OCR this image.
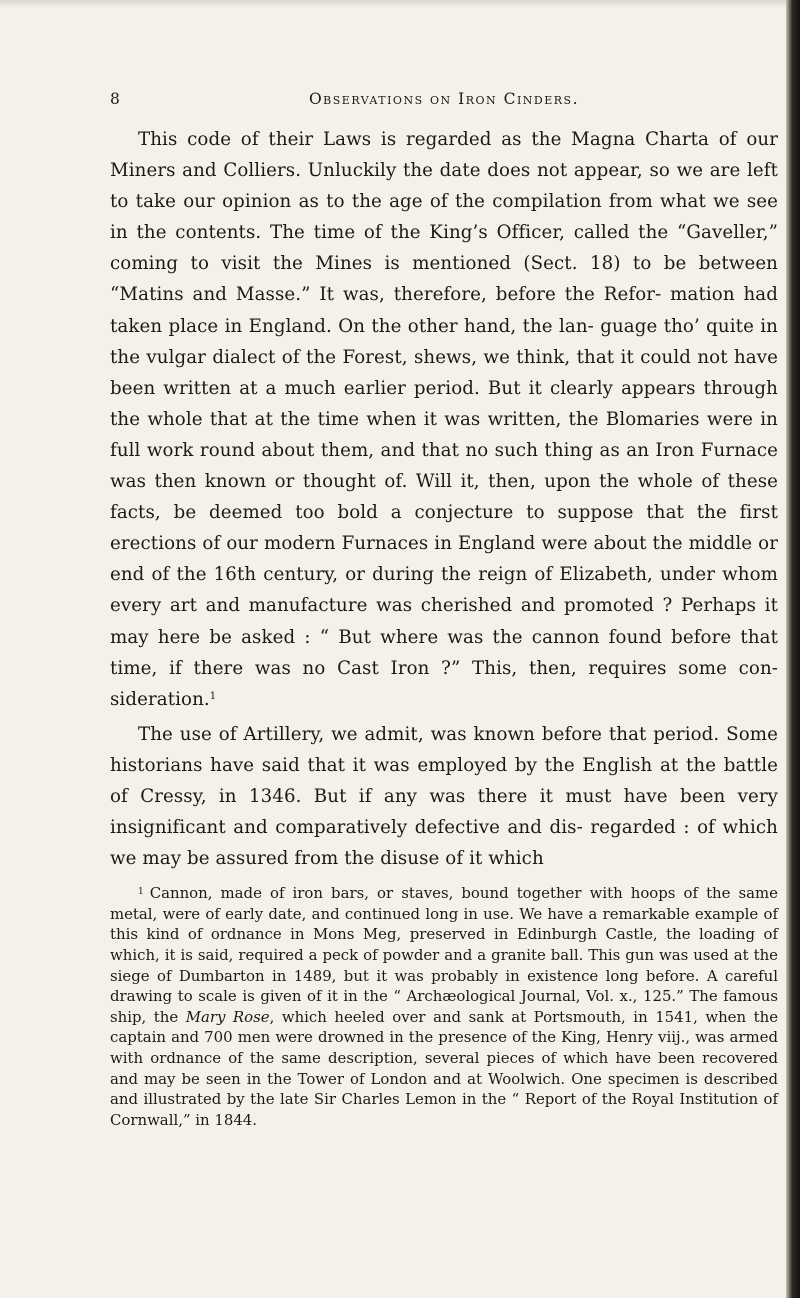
8	Observations on Iron Cinders.

This code of their Laws is regarded as the Magna Charta of our Miners and Colliers. Unluckily the date does not appear, so we are left to take our opinion as to the age of the compilation from what we see in the contents. The time of the King’s Officer, called the “Gaveller,” coming to visit the Mines is mentioned (Sect. 18) to be between “Matins and Masse.” It was, therefore, before the Refor- mation had taken place in England. On the other hand, the lan- guage tho’ quite in the vulgar dialect of the Forest, shews, we think, that it could not have been written at a much earlier period. But it clearly appears through the whole that at the time when it was written, the Blomaries were in full work round about them, and that no such thing as an Iron Furnace was then known or thought of. Will it, then, upon the whole of these facts, be deemed too bold a conjecture to suppose that the first erections of our modern Furnaces in England were about the middle or end of the 16th century, or during the reign of Elizabeth, under whom every art and manufacture was cherished and promoted ? Perhaps it may here be asked : “ But where was the cannon found before that time, if there was no Cast Iron ?” This, then, requires some con- sideration.$^1$

The use of Artillery, we admit, was known before that period. Some historians have said that it was employed by the English at the battle of Cressy, in 1346. But if any was there it must have been very insignificant and comparatively defective and dis- regarded : of which we may be assured from the disuse of it which

$^1$ Cannon, made of iron bars, or staves, bound together with hoops of the same metal, were of early date, and continued long in use. We have a remarkable example of this kind of ordnance in Mons Meg, preserved in Edinburgh Castle, the loading of which, it is said, required a peck of powder and a granite ball. This gun was used at the siege of Dumbarton in 1489, but it was probably in existence long before. A careful drawing to scale is given of it in the “ Archæological Journal, Vol. x., 125.” The famous ship, the Mary Rose, which heeled over and sank at Portsmouth, in 1541, when the captain and 700 men were drowned in the presence of the King, Henry viij., was armed with ordnance of the same description, several pieces of which have been recovered and may be seen in the Tower of London and at Woolwich. One specimen is described and illustrated by the late Sir Charles Lemon in the “ Report of the Royal Institution of Cornwall,” in 1844.
